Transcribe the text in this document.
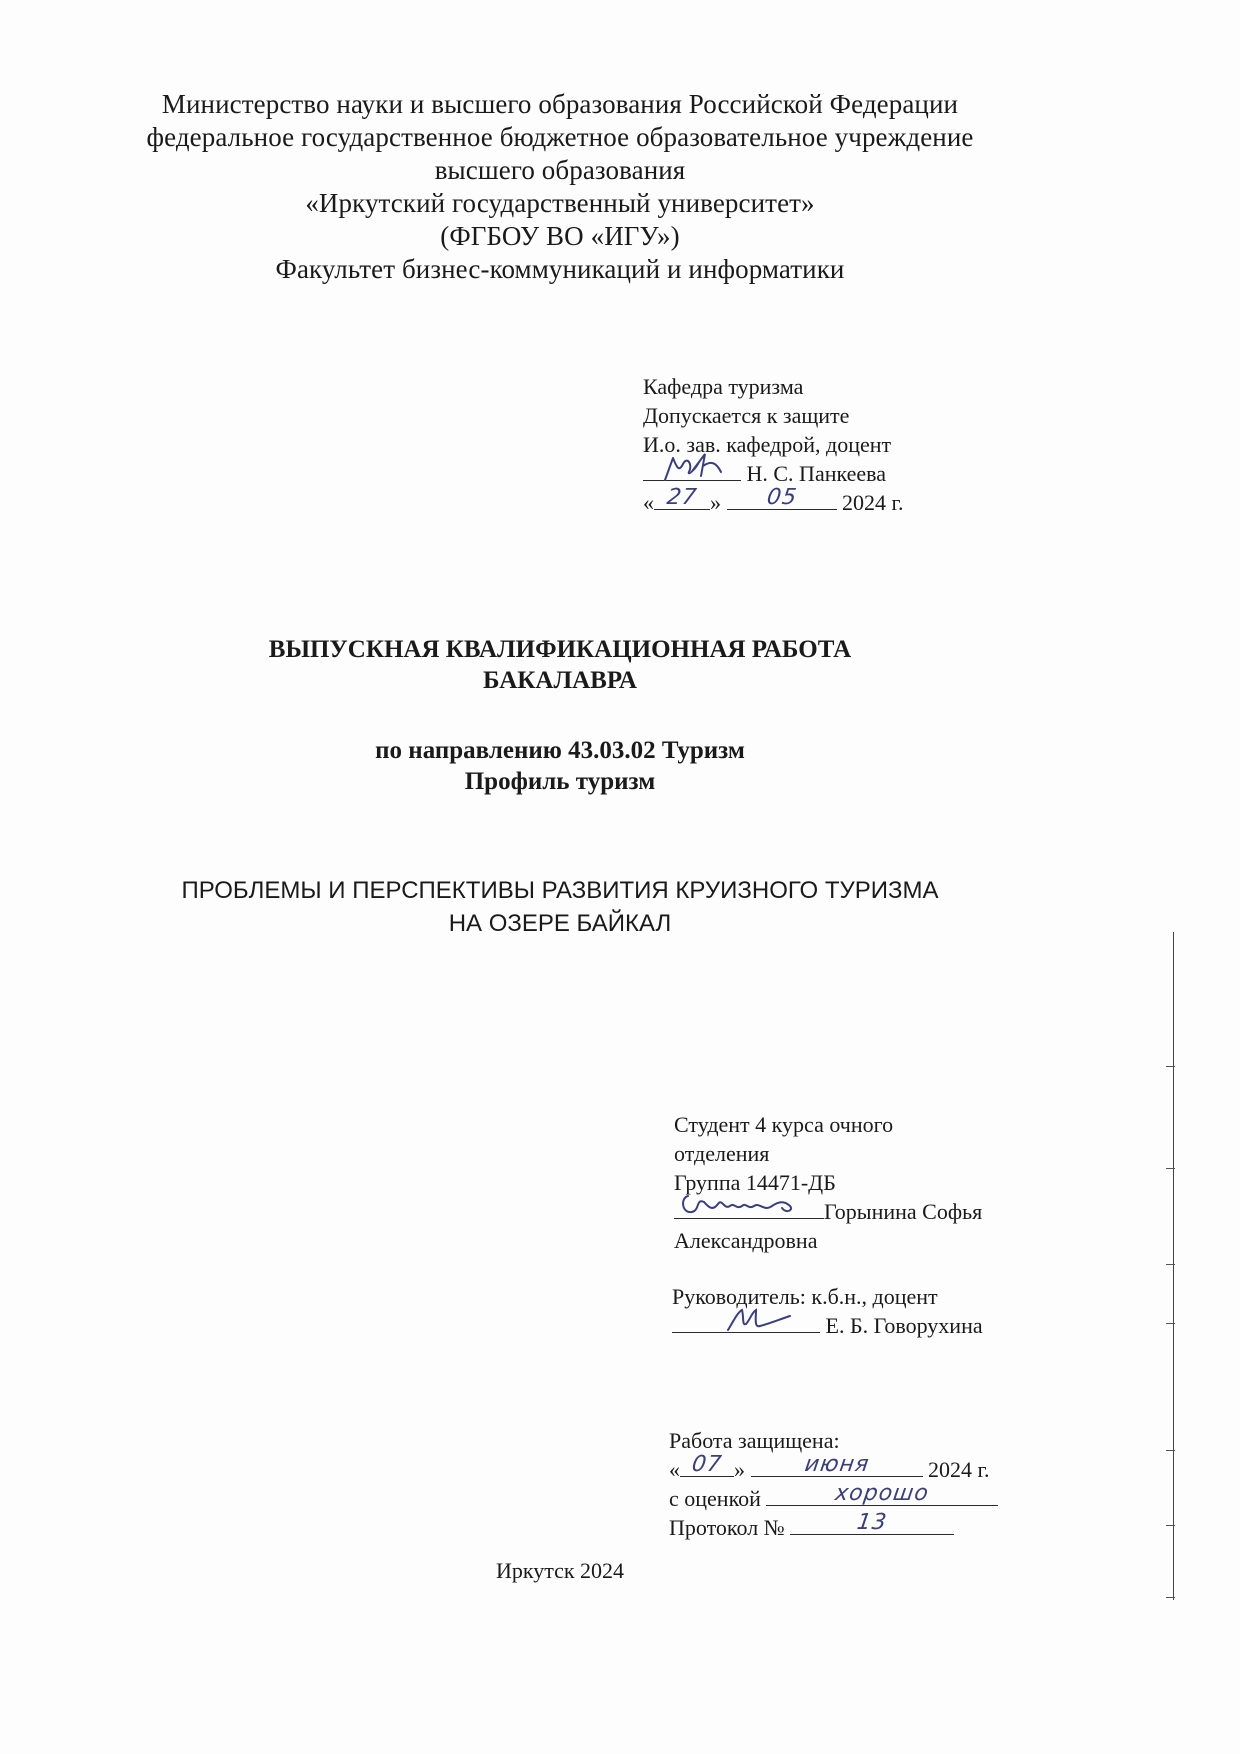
Министерство науки и высшего образования Российской Федерации
федеральное государственное бюджетное образовательное учреждение
высшего образования
«Иркутский государственный университет»
(ФГБОУ ВО «ИГУ»)
Факультет бизнес-коммуникаций и информатики
Кафедра туризма
Допускается к защите
И.о. зав. кафедрой, доцент
Н. С. Панкеева
« 27 »	05	2024 г.
ВЫПУСКНАЯ КВАЛИФИКАЦИОННАЯ РАБОТА
БАКАЛАВРА
по направлению 43.03.02 Туризм
Профиль туризм
ПРОБЛЕМЫ И ПЕРСПЕКТИВЫ РАЗВИТИЯ КРУИЗНОГО ТУРИЗМА
НА ОЗЕРЕ БАЙКАЛ
Студент 4 курса очного
отделения
Группа 14471-ДБ
Горынина Софья
Александровна
Руководитель: к.б.н., доцент
Е. Б. Говорухина
Работа защищена:
« 07 »	июня	2024 г.
с оценкой	хорошо
Протокол №	13
Иркутск 2024
